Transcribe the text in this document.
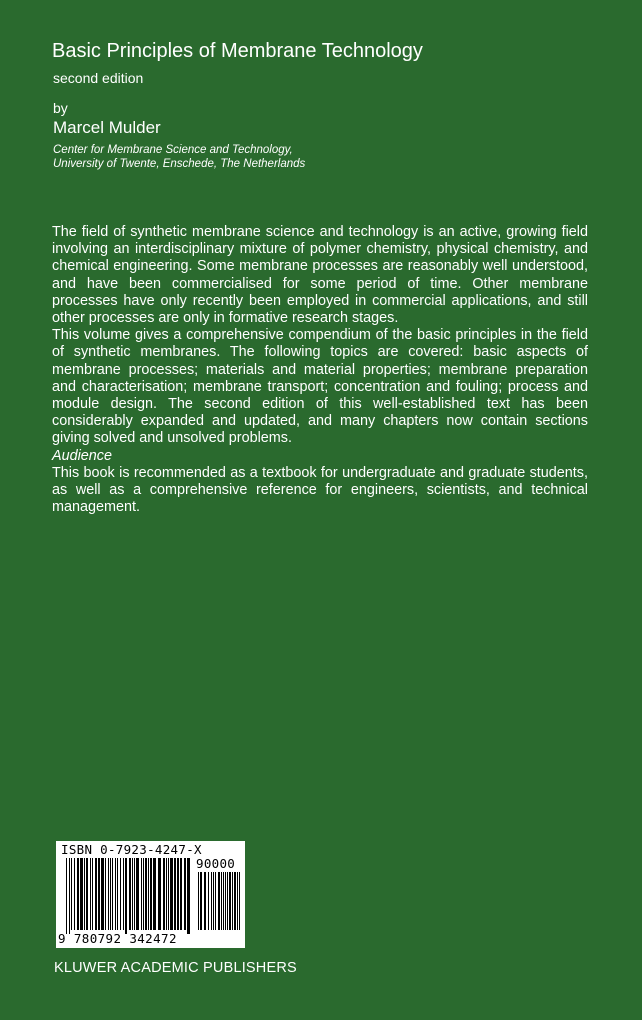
Basic Principles of Membrane Technology
second edition
by
Marcel Mulder
Center for Membrane Science and Technology,
University of Twente, Enschede, The Netherlands

The field of synthetic membrane science and technology is an active, growing field involving an interdisciplinary mixture of polymer chemistry, physical chemistry, and chemical engineering. Some membrane processes are reasonably well understood, and have been commercialised for some period of time. Other membrane processes have only recently been employed in commercial applications, and still other processes are only in formative research stages.

This volume gives a comprehensive compendium of the basic principles in the field of synthetic membranes. The following topics are covered: basic aspects of membrane processes; materials and material properties; membrane preparation and characterisation; membrane transport; concentration and fouling; process and module design. The second edition of this well-established text has been considerably expanded and updated, and many chapters now contain sections giving solved and unsolved problems.

Audience

This book is recommended as a textbook for undergraduate and graduate students, as well as a comprehensive reference for engineers, scientists, and technical management.

ISBN 0-7923-4247-X
90000
9 780792 342472
KLUWER ACADEMIC PUBLISHERS
